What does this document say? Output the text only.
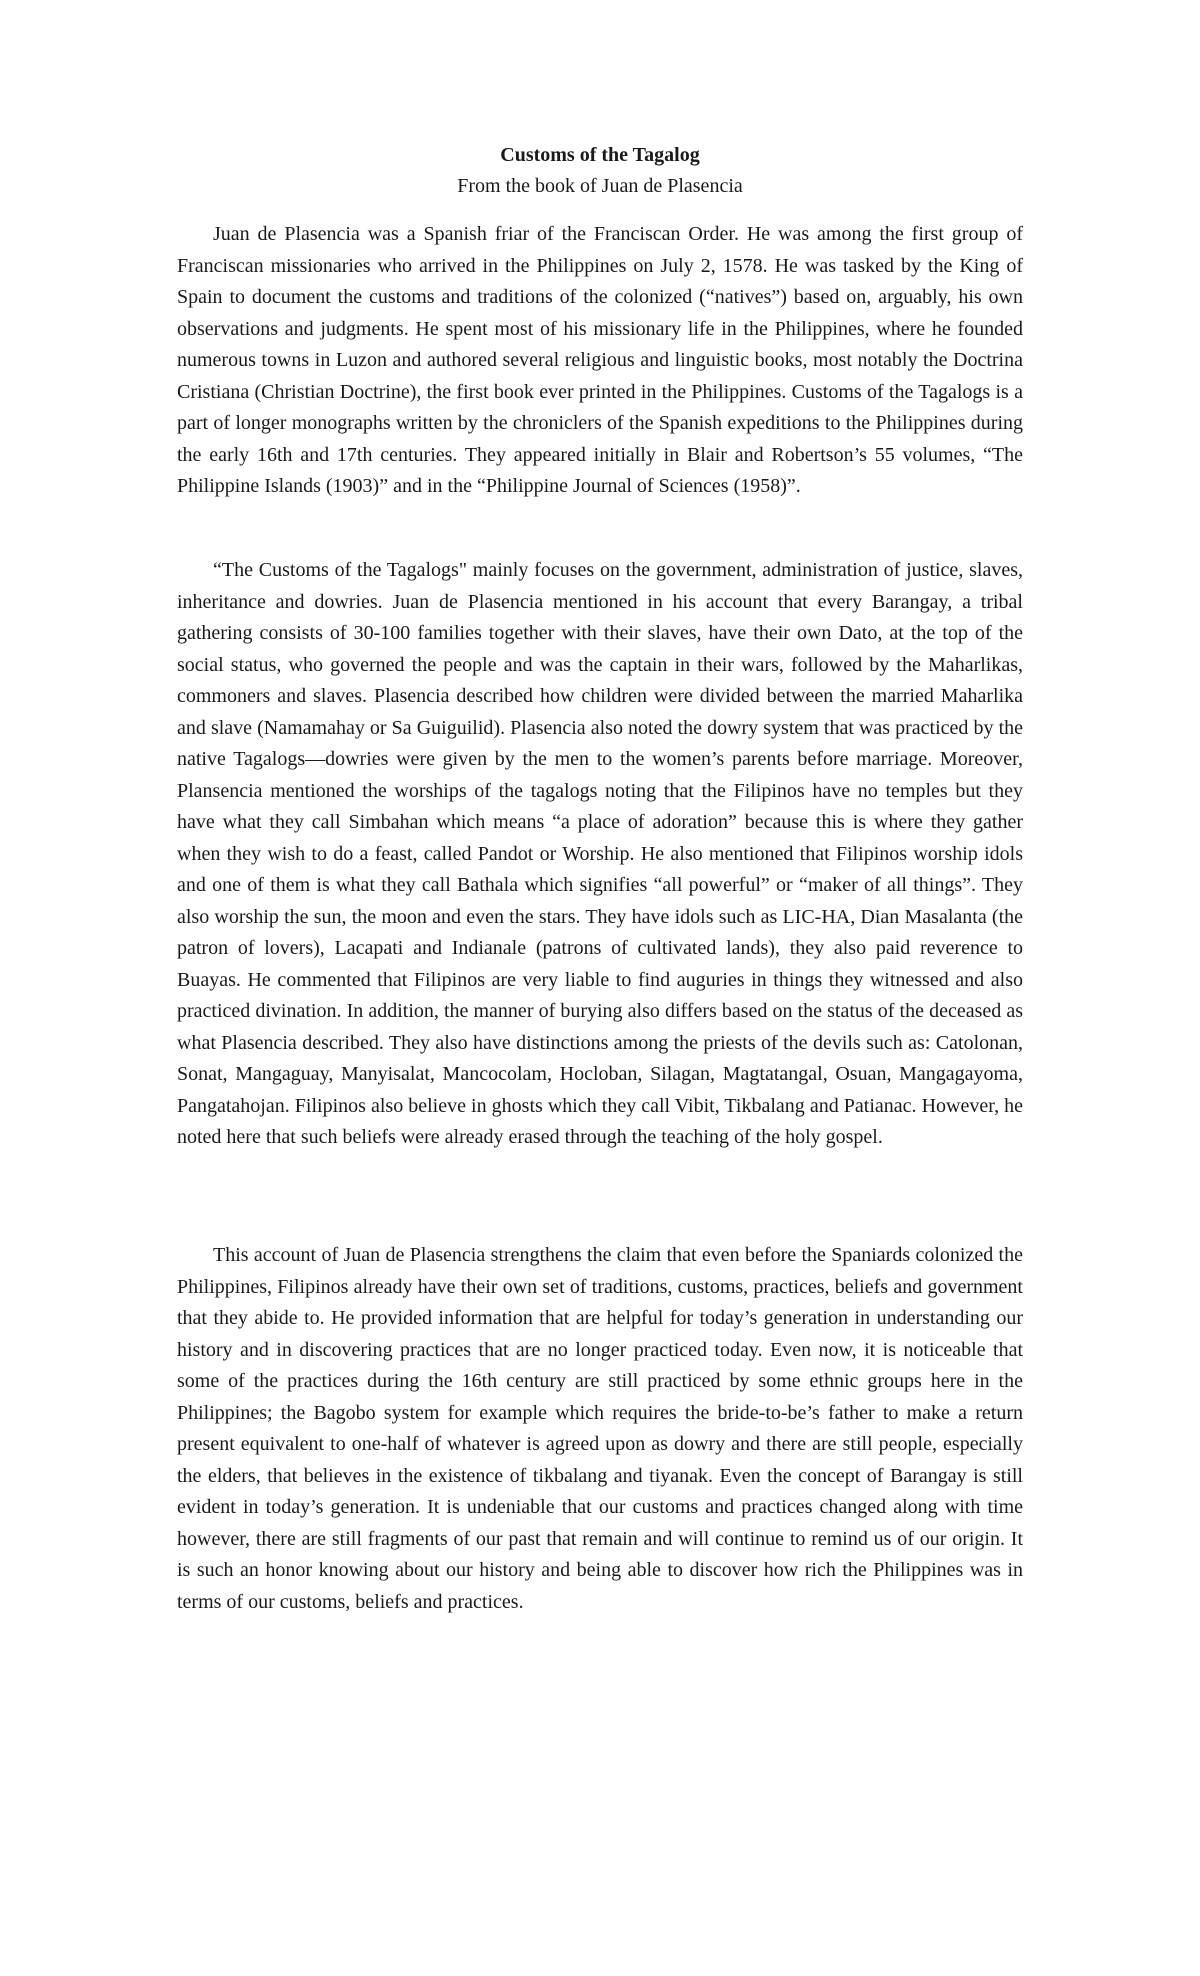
Customs of the Tagalog
From the book of Juan de Plasencia

Juan de Plasencia was a Spanish friar of the Franciscan Order. He was among the first group of Franciscan missionaries who arrived in the Philippines on July 2, 1578. He was tasked by the King of Spain to document the customs and traditions of the colonized (“natives”) based on, arguably, his own observations and judgments. He spent most of his missionary life in the Philippines, where he founded numerous towns in Luzon and authored several religious and linguistic books, most notably the Doctrina Cristiana (Christian Doctrine), the first book ever printed in the Philippines. Customs of the Tagalogs is a part of longer monographs written by the chroniclers of the Spanish expeditions to the Philippines during the early 16th and 17th centuries. They appeared initially in Blair and Robertson’s 55 volumes, “The Philippine Islands (1903)” and in the “Philippine Journal of Sciences (1958)”.

“The Customs of the Tagalogs" mainly focuses on the government, administration of justice, slaves, inheritance and dowries. Juan de Plasencia mentioned in his account that every Barangay, a tribal gathering consists of 30-100 families together with their slaves, have their own Dato, at the top of the social status, who governed the people and was the captain in their wars, followed by the Maharlikas, commoners and slaves. Plasencia described how children were divided between the married Maharlika and slave (Namamahay or Sa Guiguilid). Plasencia also noted the dowry system that was practiced by the native Tagalogs—dowries were given by the men to the women’s parents before marriage. Moreover, Plansencia mentioned the worships of the tagalogs noting that the Filipinos have no temples but they have what they call Simbahan which means “a place of adoration” because this is where they gather when they wish to do a feast, called Pandot or Worship. He also mentioned that Filipinos worship idols and one of them is what they call Bathala which signifies “all powerful” or “maker of all things”. They also worship the sun, the moon and even the stars. They have idols such as LIC-HA, Dian Masalanta (the patron of lovers), Lacapati and Indianale (patrons of cultivated lands), they also paid reverence to Buayas. He commented that Filipinos are very liable to find auguries in things they witnessed and also practiced divination. In addition, the manner of burying also differs based on the status of the deceased as what Plasencia described. They also have distinctions among the priests of the devils such as: Catolonan, Sonat, Mangaguay, Manyisalat, Mancocolam, Hocloban, Silagan, Magtatangal, Osuan, Mangagayoma, Pangatahojan. Filipinos also believe in ghosts which they call Vibit, Tikbalang and Patianac. However, he noted here that such beliefs were already erased through the teaching of the holy gospel.

This account of Juan de Plasencia strengthens the claim that even before the Spaniards colonized the Philippines, Filipinos already have their own set of traditions, customs, practices, beliefs and government that they abide to. He provided information that are helpful for today’s generation in understanding our history and in discovering practices that are no longer practiced today. Even now, it is noticeable that some of the practices during the 16th century are still practiced by some ethnic groups here in the Philippines; the Bagobo system for example which requires the bride-to-be’s father to make a return present equivalent to one-half of whatever is agreed upon as dowry and there are still people, especially the elders, that believes in the existence of tikbalang and tiyanak. Even the concept of Barangay is still evident in today’s generation. It is undeniable that our customs and practices changed along with time however, there are still fragments of our past that remain and will continue to remind us of our origin. It is such an honor knowing about our history and being able to discover how rich the Philippines was in terms of our customs, beliefs and practices.
